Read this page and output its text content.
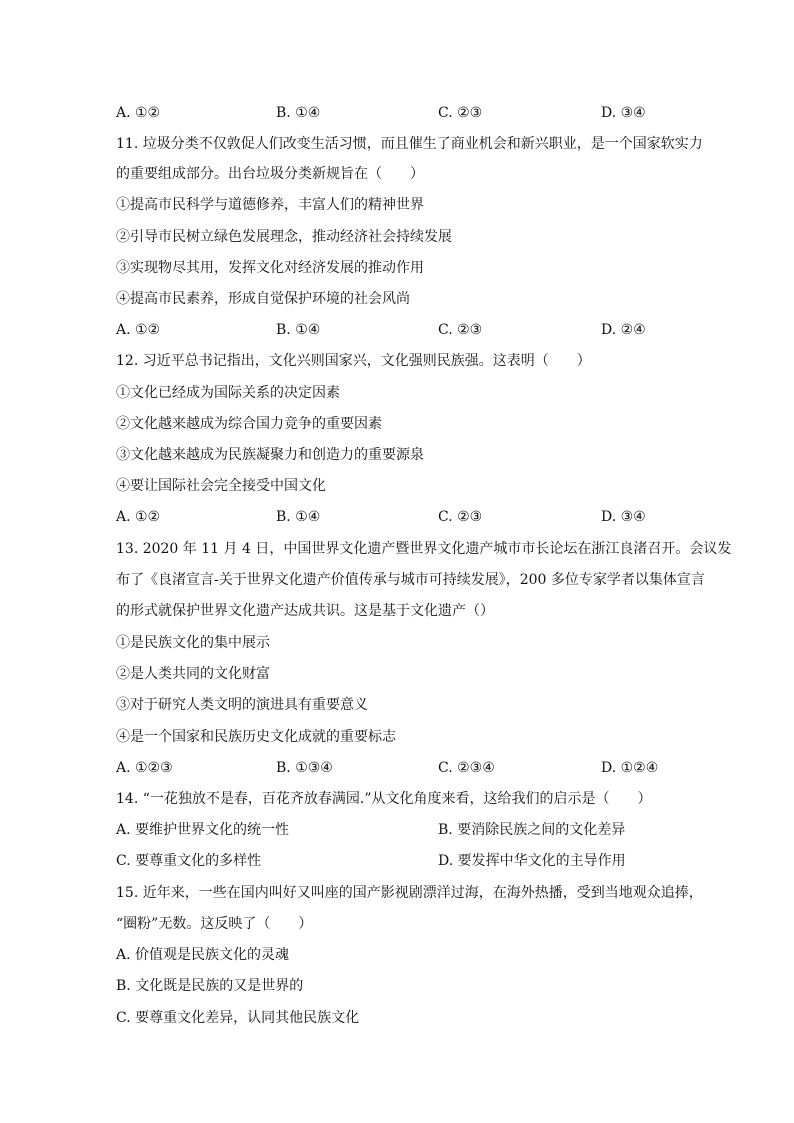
A. ①②	B. ①④	C. ②③	D. ③④
11. 垃圾分类不仅敦促人们改变生活习惯，而且催生了商业机会和新兴职业，是一个国家软实力
的重要组成部分。出台垃圾分类新规旨在（　　）
①提高市民科学与道德修养，丰富人们的精神世界
②引导市民树立绿色发展理念，推动经济社会持续发展
③实现物尽其用，发挥文化对经济发展的推动作用
④提高市民素养，形成自觉保护环境的社会风尚
A. ①②	B. ①④	C. ②③	D. ②④
12. 习近平总书记指出，文化兴则国家兴，文化强则民族强。这表明（　　）
①文化已经成为国际关系的决定因素
②文化越来越成为综合国力竞争的重要因素
③文化越来越成为民族凝聚力和创造力的重要源泉
④要让国际社会完全接受中国文化
A. ①②	B. ①④	C. ②③	D. ③④
13. 2020 年 11 月 4 日，中国世界文化遗产暨世界文化遗产城市市长论坛在浙江良渚召开。会议发
布了《良渚宣言-关于世界文化遗产价值传承与城市可持续发展》，200 多位专家学者以集体宣言
的形式就保护世界文化遗产达成共识。这是基于文化遗产（）
①是民族文化的集中展示
②是人类共同的文化财富
③对于研究人类文明的演进具有重要意义
④是一个国家和民族历史文化成就的重要标志
A. ①②③	B. ①③④	C. ②③④	D. ①②④
14. “一花独放不是春，百花齐放春满园.”从文化角度来看，这给我们的启示是（　　）
A. 要维护世界文化的统一性	B. 要消除民族之间的文化差异
C. 要尊重文化的多样性	D. 要发挥中华文化的主导作用
15. 近年来，一些在国内叫好又叫座的国产影视剧漂洋过海，在海外热播，受到当地观众追捧，
“圈粉”无数。这反映了（　　）
A. 价值观是民族文化的灵魂
B. 文化既是民族的又是世界的
C. 要尊重文化差异，认同其他民族文化
